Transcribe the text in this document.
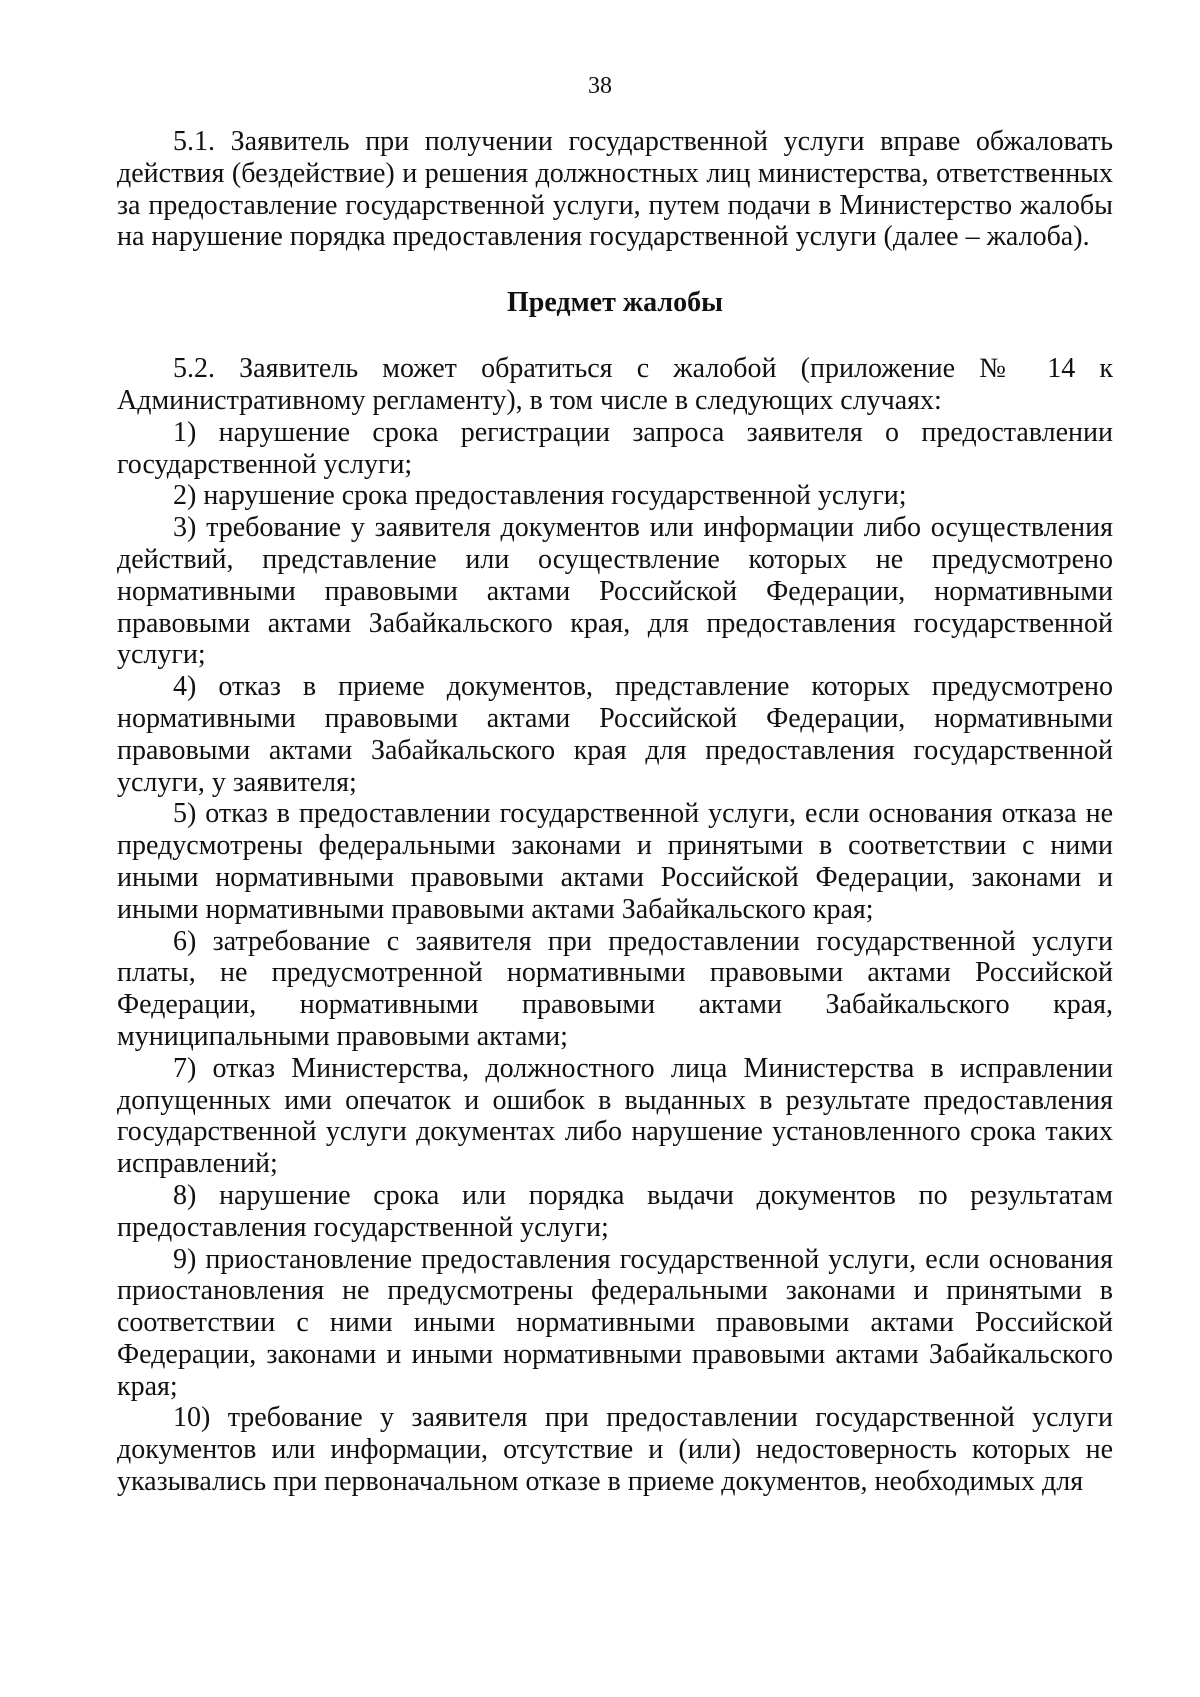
38

5.1. Заявитель при получении государственной услуги вправе обжаловать действия (бездействие) и решения должностных лиц министерства, ответственных за предоставление государственной услуги, путем подачи в Министерство жалобы на нарушение порядка предоставления государственной услуги (далее – жалоба).

Предмет жалобы

5.2. Заявитель может обратиться с жалобой (приложение № 14 к Административному регламенту), в том числе в следующих случаях:

1) нарушение срока регистрации запроса заявителя о предоставлении государственной услуги;

2) нарушение срока предоставления государственной услуги;

3) требование у заявителя документов или информации либо осуществления действий, представление или осуществление которых не предусмотрено нормативными правовыми актами Российской Федерации, нормативными правовыми актами Забайкальского края, для предоставления государственной услуги;

4) отказ в приеме документов, представление которых предусмотрено нормативными правовыми актами Российской Федерации, нормативными правовыми актами Забайкальского края для предоставления государственной услуги, у заявителя;

5) отказ в предоставлении государственной услуги, если основания отказа не предусмотрены федеральными законами и принятыми в соответствии с ними иными нормативными правовыми актами Российской Федерации, законами и иными нормативными правовыми актами Забайкальского края;

6) затребование с заявителя при предоставлении государственной услуги платы, не предусмотренной нормативными правовыми актами Российской Федерации, нормативными правовыми актами Забайкальского края, муниципальными правовыми актами;

7) отказ Министерства, должностного лица Министерства в исправлении допущенных ими опечаток и ошибок в выданных в результате предоставления государственной услуги документах либо нарушение установленного срока таких исправлений;

8) нарушение срока или порядка выдачи документов по результатам предоставления государственной услуги;

9) приостановление предоставления государственной услуги, если основания приостановления не предусмотрены федеральными законами и принятыми в соответствии с ними иными нормативными правовыми актами Российской Федерации, законами и иными нормативными правовыми актами Забайкальского края;

10) требование у заявителя при предоставлении государственной услуги документов или информации, отсутствие и (или) недостоверность которых не указывались при первоначальном отказе в приеме документов, необходимых для
